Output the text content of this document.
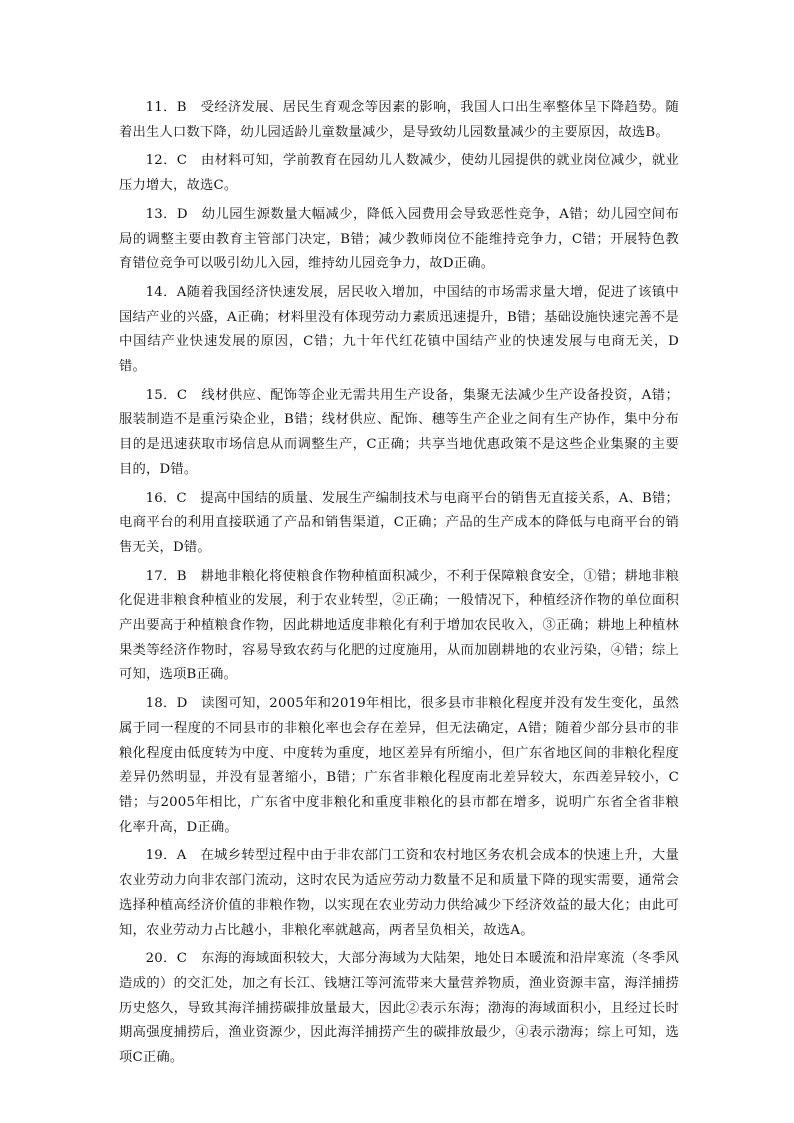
11．B　 受经济发展、居民生育观念等因素的影响，我国人口出生率整体呈下降趋势。随着出生人口数下降，幼儿园适龄儿童数量减少，是导致幼儿园数量减少的主要原因，故选B。

12．C　 由材料可知，学前教育在园幼儿人数减少，使幼儿园提供的就业岗位减少，就业压力增大，故选C。

13．D　 幼儿园生源数量大幅减少，降低入园费用会导致恶性竞争，A错；幼儿园空间布局的调整主要由教育主管部门决定，B错；减少教师岗位不能维持竞争力，C错；开展特色教育错位竞争可以吸引幼儿入园，维持幼儿园竞争力，故D正确。

14．A随着我国经济快速发展，居民收入增加，中国结的市场需求量大增，促进了该镇中国结产业的兴盛，A正确；材料里没有体现劳动力素质迅速提升，B错；基础设施快速完善不是中国结产业快速发展的原因，C错；九十年代红花镇中国结产业的快速发展与电商无关，D错。

15．C　 线材供应、配饰等企业无需共用生产设备，集聚无法减少生产设备投资，A错；服装制造不是重污染企业，B错；线材供应、配饰、穗等生产企业之间有生产协作，集中分布目的是迅速获取市场信息从而调整生产，C正确；共享当地优惠政策不是这些企业集聚的主要目的，D错。

16．C　 提高中国结的质量、发展生产编制技术与电商平台的销售无直接关系，A、B错；电商平台的利用直接联通了产品和销售渠道，C正确；产品的生产成本的降低与电商平台的销售无关，D错。

17．B　 耕地非粮化将使粮食作物种植面积减少，不利于保障粮食安全，①错；耕地非粮化促进非粮食种植业的发展，利于农业转型，②正确；一般情况下，种植经济作物的单位面积产出要高于种植粮食作物，因此耕地适度非粮化有利于增加农民收入，③正确；耕地上种植林果类等经济作物时，容易导致农药与化肥的过度施用，从而加剧耕地的农业污染，④错；综上可知，选项B正确。

18．D　 读图可知，2005年和2019年相比，很多县市非粮化程度并没有发生变化，虽然属于同一程度的不同县市的非粮化率也会存在差异，但无法确定，A错；随着少部分县市的非粮化程度由低度转为中度、中度转为重度，地区差异有所缩小，但广东省地区间的非粮化程度差异仍然明显，并没有显著缩小，B错；广东省非粮化程度南北差异较大，东西差异较小，C错；与2005年相比，广东省中度非粮化和重度非粮化的县市都在增多，说明广东省全省非粮化率升高，D正确。

19．A　 在城乡转型过程中由于非农部门工资和农村地区务农机会成本的快速上升，大量农业劳动力向非农部门流动，这时农民为适应劳动力数量不足和质量下降的现实需要，通常会选择种植高经济价值的非粮作物，以实现在农业劳动力供给减少下经济效益的最大化；由此可知，农业劳动力占比越小，非粮化率就越高，两者呈负相关，故选A。

20．C　 东海的海域面积较大，大部分海域为大陆架，地处日本暖流和沿岸寒流（冬季风造成的）的交汇处，加之有长江、钱塘江等河流带来大量营养物质，渔业资源丰富，海洋捕捞历史悠久，导致其海洋捕捞碳排放量最大，因此②表示东海；渤海的海域面积小，且经过长时期高强度捕捞后，渔业资源少，因此海洋捕捞产生的碳排放最少，④表示渤海；综上可知，选项C正确。
